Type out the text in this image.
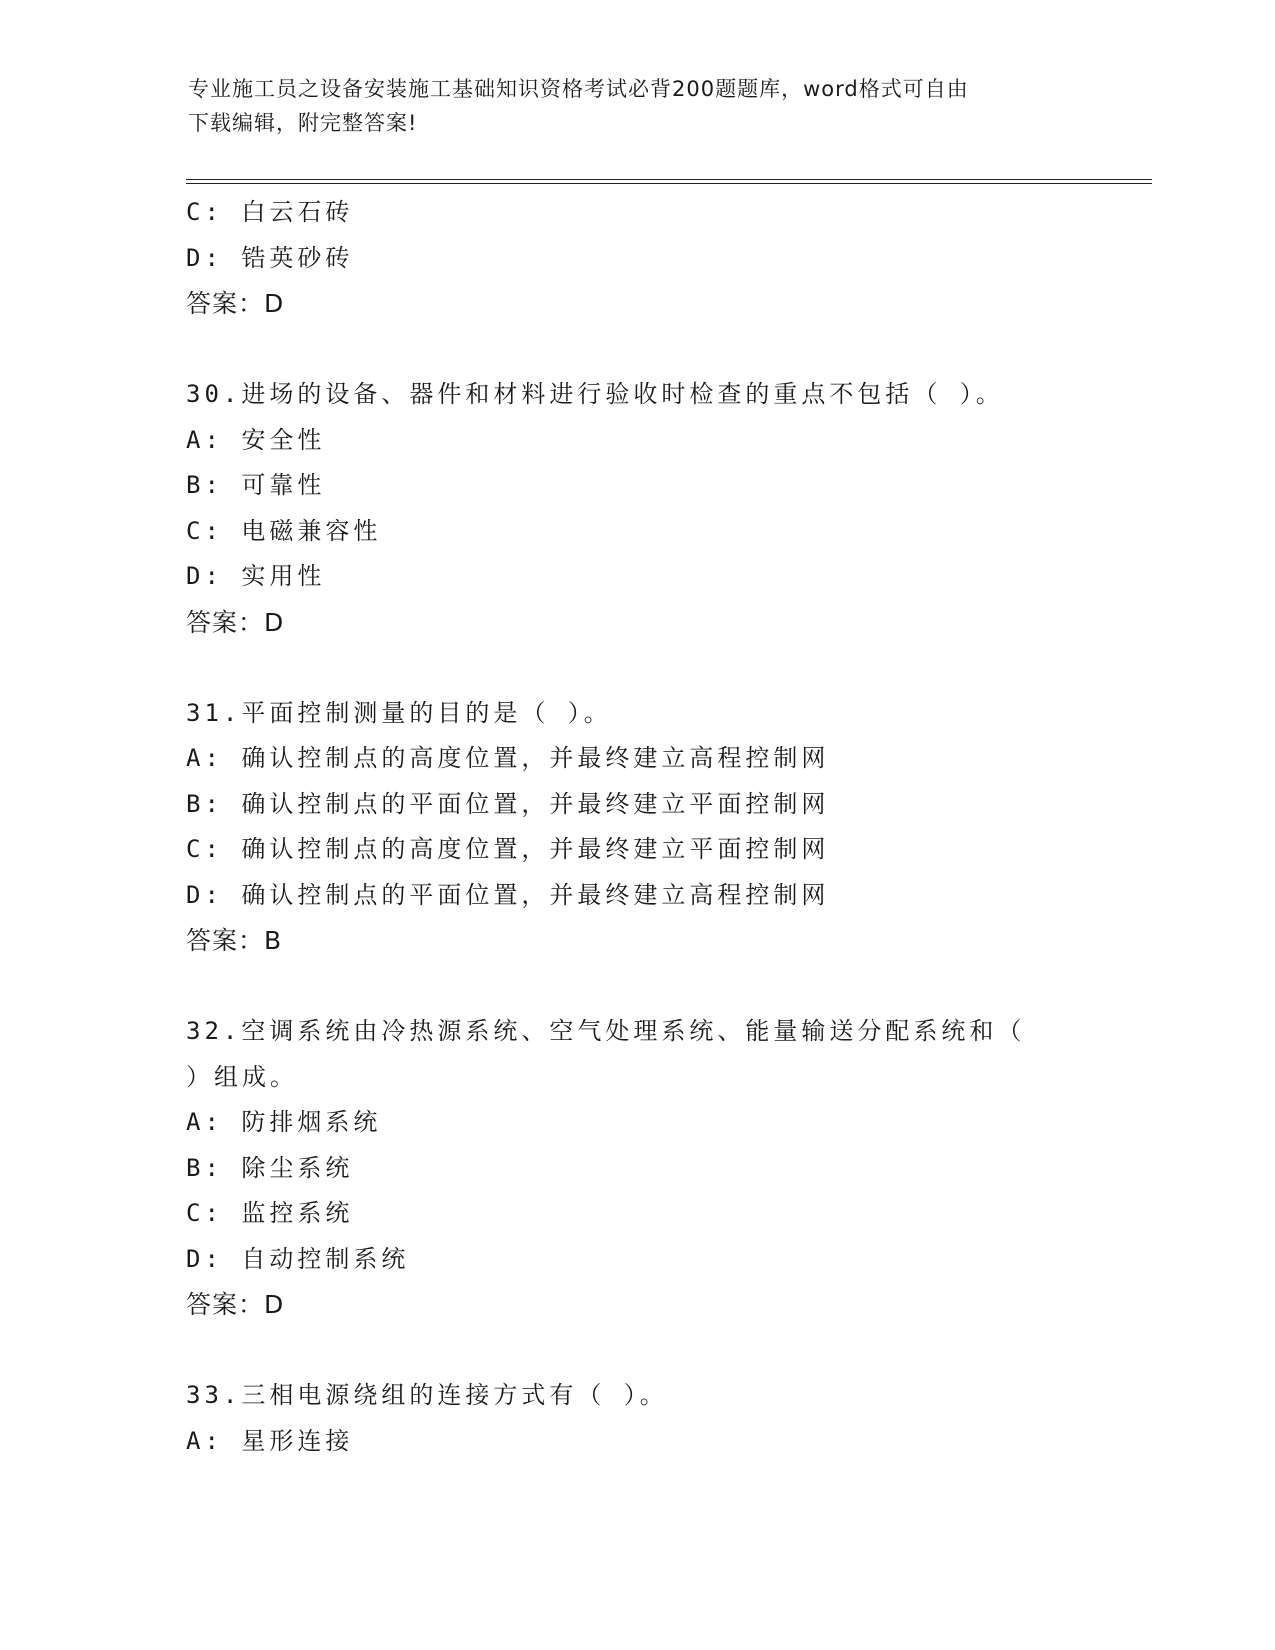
专业施工员之设备安装施工基础知识资格考试必背200题题库，word格式可自由
下载编辑，附完整答案!
C: 白云石砖
D: 锆英砂砖
答案：D
30.进场的设备、器件和材料进行验收时检查的重点不包括（ ）。
A: 安全性
B: 可靠性
C: 电磁兼容性
D: 实用性
答案：D
31.平面控制测量的目的是（ ）。
A: 确认控制点的高度位置，并最终建立高程控制网
B: 确认控制点的平面位置，并最终建立平面控制网
C: 确认控制点的高度位置，并最终建立平面控制网
D: 确认控制点的平面位置，并最终建立高程控制网
答案：B
32.空调系统由冷热源系统、空气处理系统、能量输送分配系统和（
）组成。
A: 防排烟系统
B: 除尘系统
C: 监控系统
D: 自动控制系统
答案：D
33.三相电源绕组的连接方式有（ ）。
A: 星形连接
